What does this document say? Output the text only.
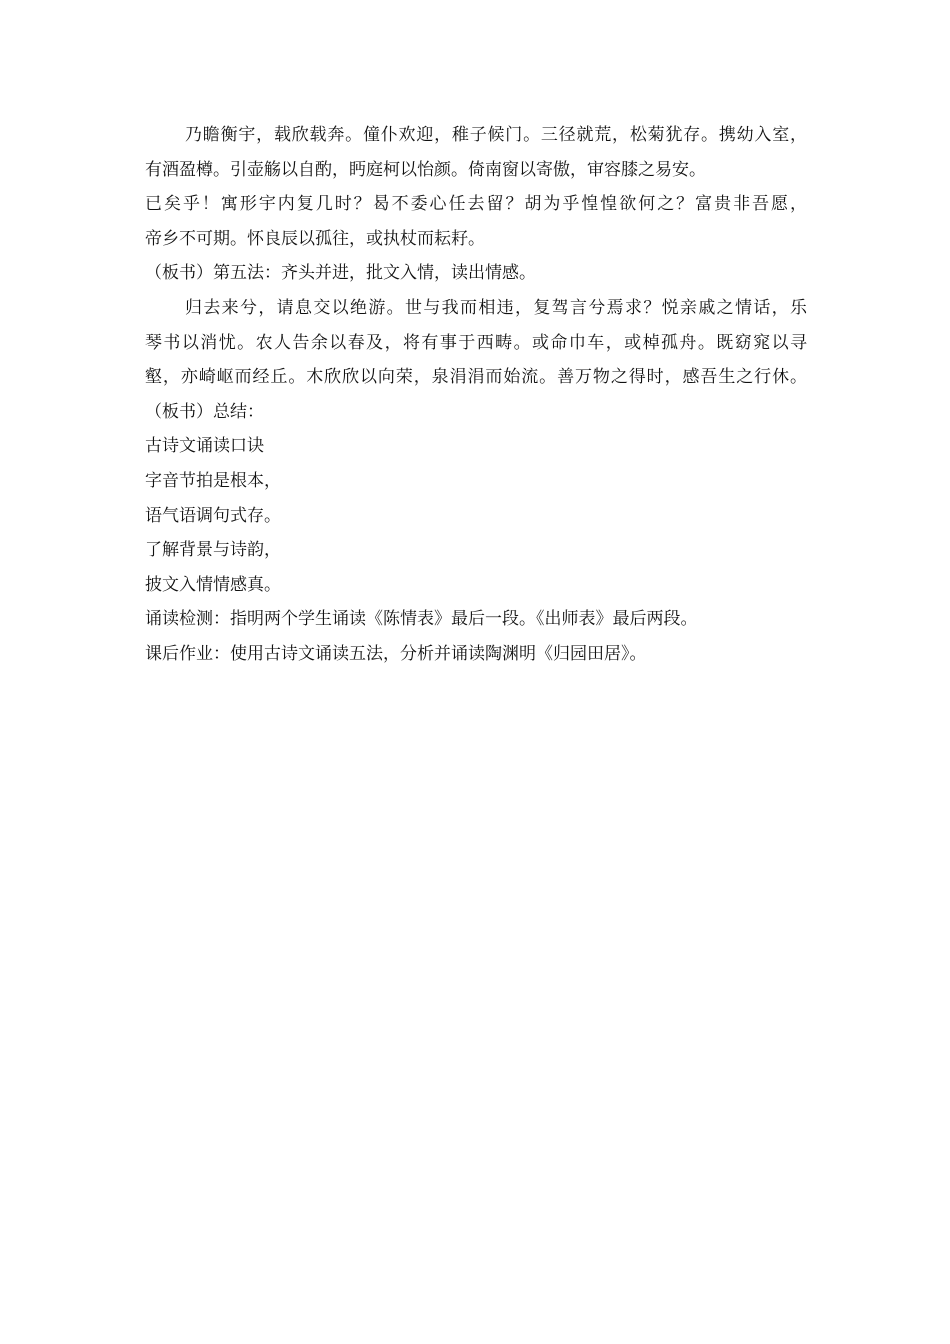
乃瞻衡宇，载欣载奔。僮仆欢迎，稚子候门。三径就荒，松菊犹存。携幼入室，
有酒盈樽。引壶觞以自酌，眄庭柯以怡颜。倚南窗以寄傲，审容膝之易安。
已矣乎！寓形宇内复几时？曷不委心任去留？胡为乎惶惶欲何之？富贵非吾愿，
帝乡不可期。怀良辰以孤往，或执杖而耘耔。
（板书）第五法：齐头并进，批文入情，读出情感。
归去来兮，请息交以绝游。世与我而相违，复驾言兮焉求？悦亲戚之情话，乐
琴书以消忧。农人告余以春及，将有事于西畴。或命巾车，或棹孤舟。既窈窕以寻
壑，亦崎岖而经丘。木欣欣以向荣，泉涓涓而始流。善万物之得时，感吾生之行休。
（板书）总结：
古诗文诵读口诀
字音节拍是根本，
语气语调句式存。
了解背景与诗韵，
披文入情情感真。
诵读检测：指明两个学生诵读《陈情表》最后一段。《出师表》最后两段。
课后作业：使用古诗文诵读五法，分析并诵读陶渊明《归园田居》。
